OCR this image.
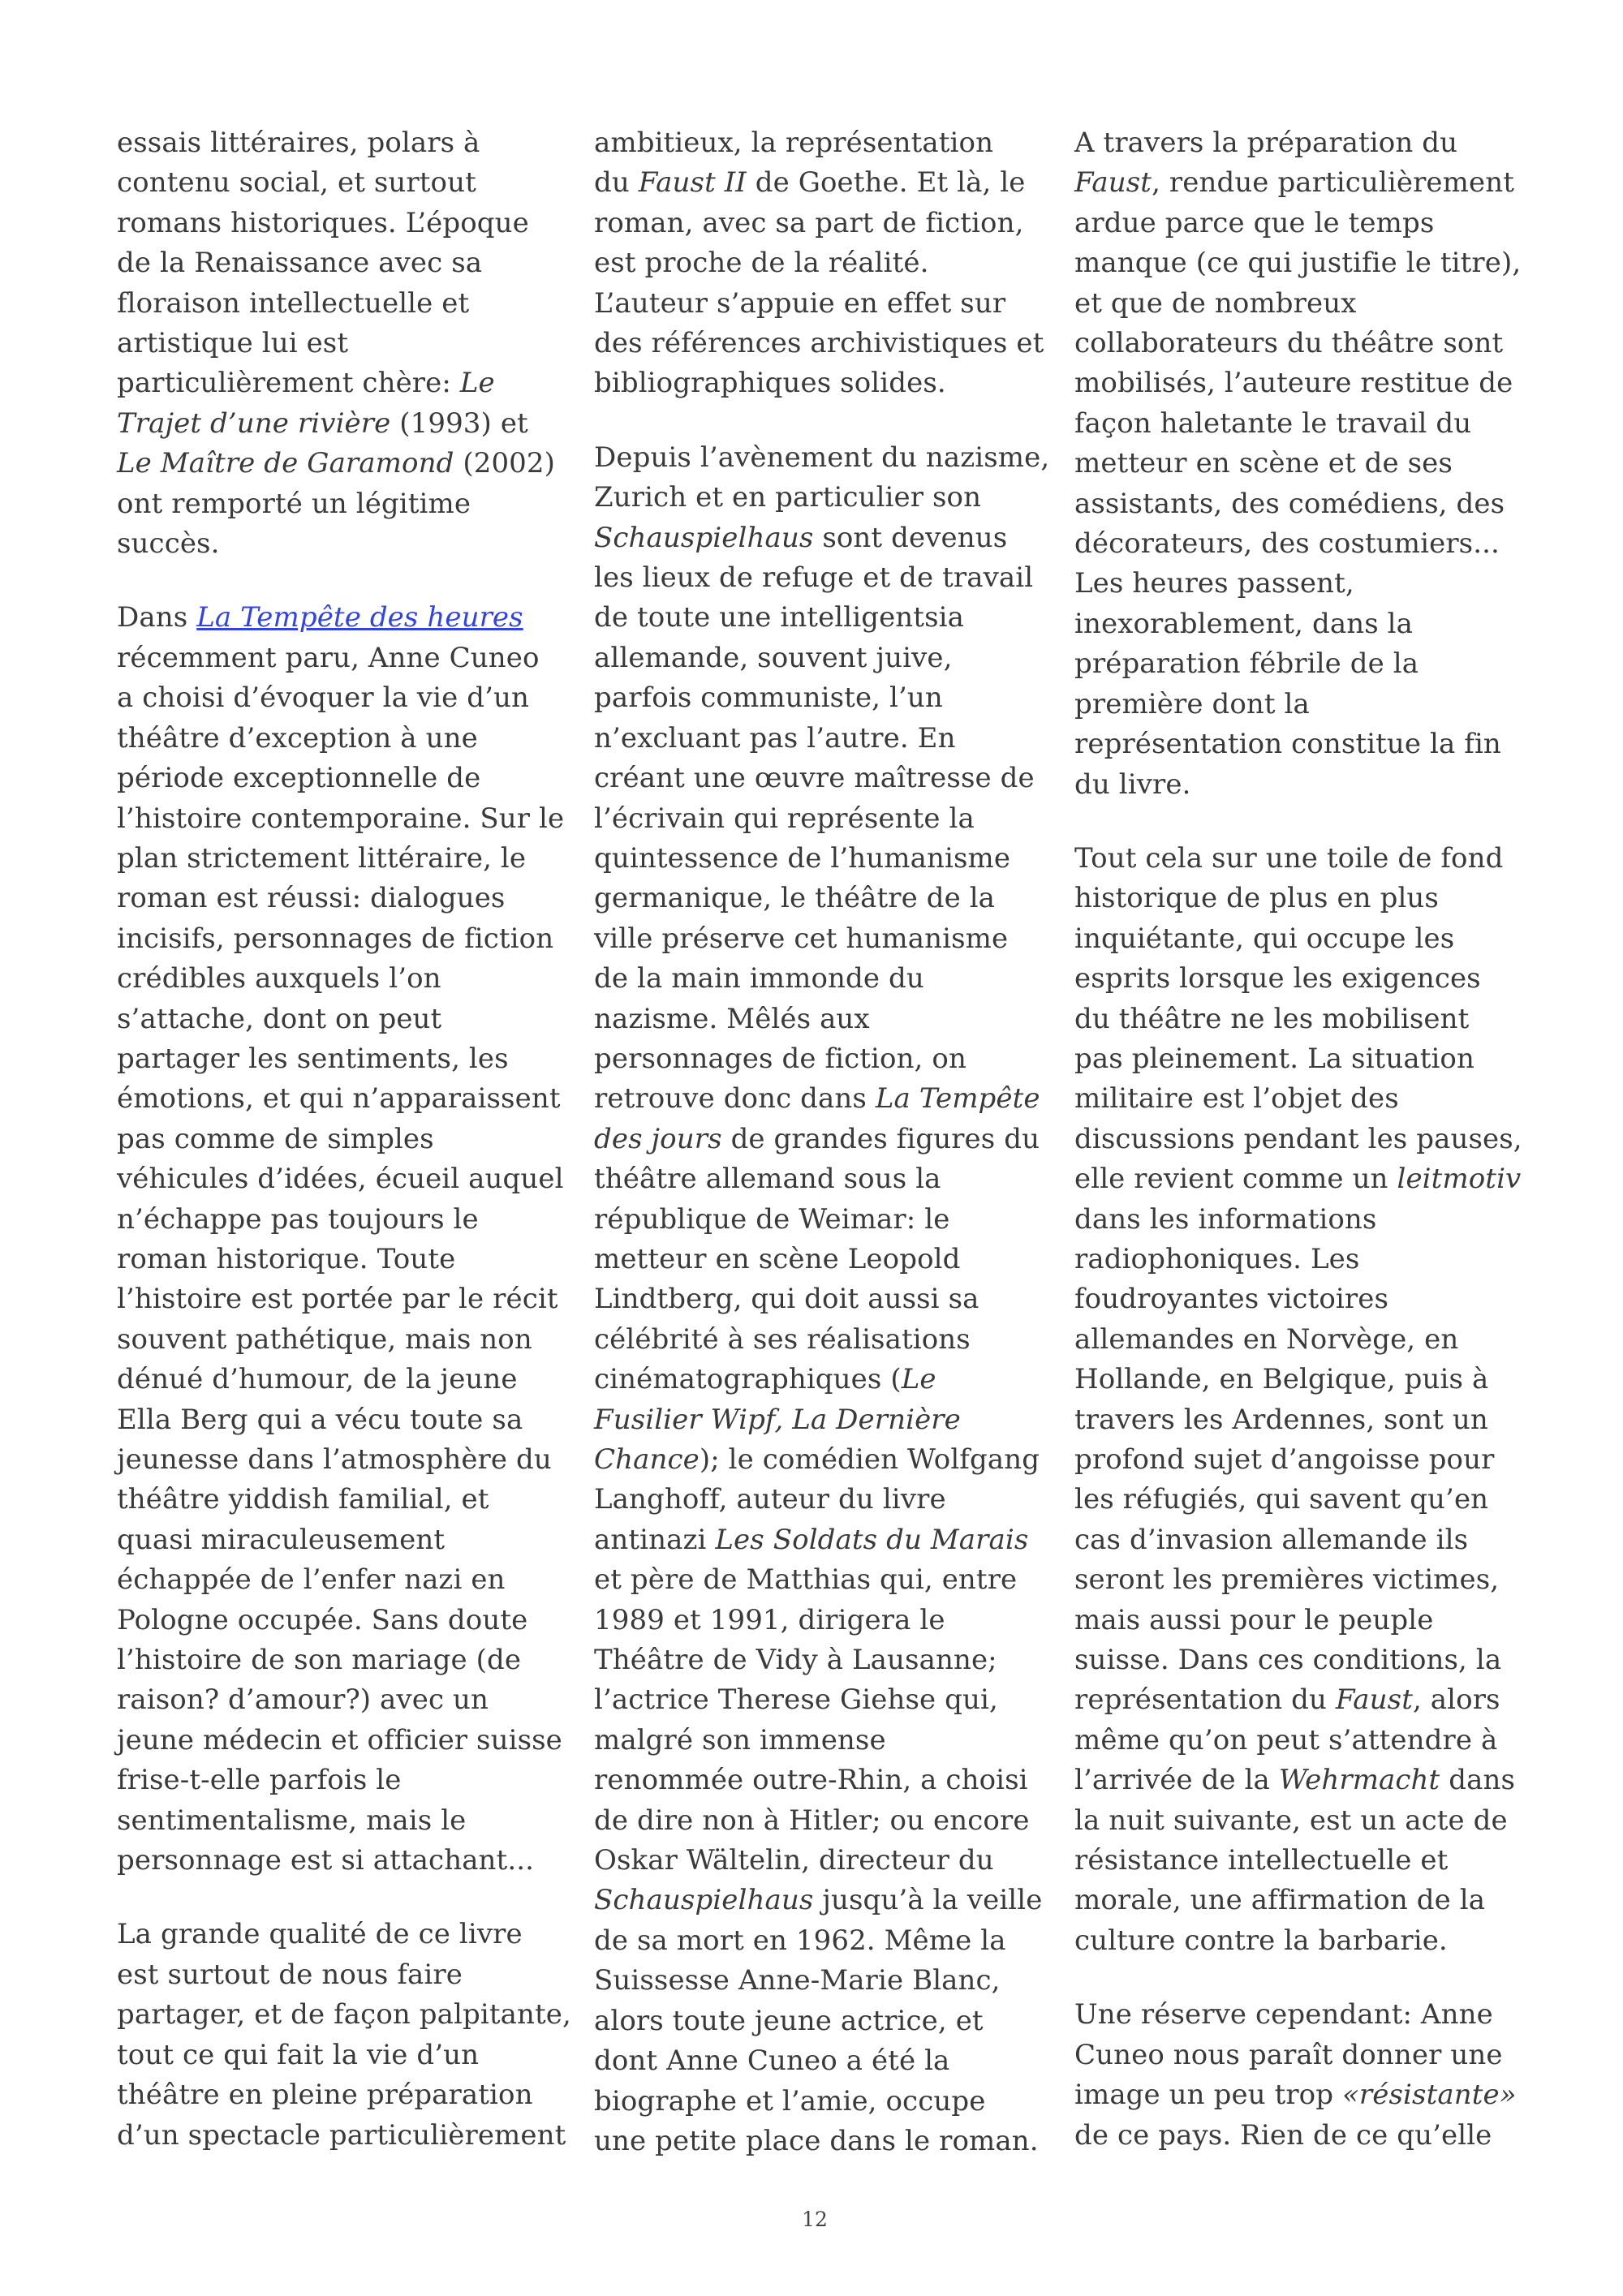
essais littéraires, polars à
contenu social, et surtout
romans historiques. L’époque
de la Renaissance avec sa
floraison intellectuelle et
artistique lui est
particulièrement chère: Le
Trajet d’une rivière (1993) et
Le Maître de Garamond (2002)
ont remporté un légitime
succès.

Dans La Tempête des heures
récemment paru, Anne Cuneo
a choisi d’évoquer la vie d’un
théâtre d’exception à une
période exceptionnelle de
l’histoire contemporaine. Sur le
plan strictement littéraire, le
roman est réussi: dialogues
incisifs, personnages de fiction
crédibles auxquels l’on
s’attache, dont on peut
partager les sentiments, les
émotions, et qui n’apparaissent
pas comme de simples
véhicules d’idées, écueil auquel
n’échappe pas toujours le
roman historique. Toute
l’histoire est portée par le récit
souvent pathétique, mais non
dénué d’humour, de la jeune
Ella Berg qui a vécu toute sa
jeunesse dans l’atmosphère du
théâtre yiddish familial, et
quasi miraculeusement
échappée de l’enfer nazi en
Pologne occupée. Sans doute
l’histoire de son mariage (de
raison? d’amour?) avec un
jeune médecin et officier suisse
frise-t-elle parfois le
sentimentalisme, mais le
personnage est si attachant...

La grande qualité de ce livre
est surtout de nous faire
partager, et de façon palpitante,
tout ce qui fait la vie d’un
théâtre en pleine préparation
d’un spectacle particulièrement

ambitieux, la représentation
du Faust II de Goethe. Et là, le
roman, avec sa part de fiction,
est proche de la réalité.
L’auteur s’appuie en effet sur
des références archivistiques et
bibliographiques solides.

Depuis l’avènement du nazisme,
Zurich et en particulier son
Schauspielhaus sont devenus
les lieux de refuge et de travail
de toute une intelligentsia
allemande, souvent juive,
parfois communiste, l’un
n’excluant pas l’autre. En
créant une œuvre maîtresse de
l’écrivain qui représente la
quintessence de l’humanisme
germanique, le théâtre de la
ville préserve cet humanisme
de la main immonde du
nazisme. Mêlés aux
personnages de fiction, on
retrouve donc dans La Tempête
des jours de grandes figures du
théâtre allemand sous la
république de Weimar: le
metteur en scène Leopold
Lindtberg, qui doit aussi sa
célébrité à ses réalisations
cinématographiques (Le
Fusilier Wipf, La Dernière
Chance); le comédien Wolfgang
Langhoff, auteur du livre
antinazi Les Soldats du Marais
et père de Matthias qui, entre
1989 et 1991, dirigera le
Théâtre de Vidy à Lausanne;
l’actrice Therese Giehse qui,
malgré son immense
renommée outre-Rhin, a choisi
de dire non à Hitler; ou encore
Oskar Wältelin, directeur du
Schauspielhaus jusqu’à la veille
de sa mort en 1962. Même la
Suissesse Anne-Marie Blanc,
alors toute jeune actrice, et
dont Anne Cuneo a été la
biographe et l’amie, occupe
une petite place dans le roman.

A travers la préparation du
Faust, rendue particulièrement
ardue parce que le temps
manque (ce qui justifie le titre),
et que de nombreux
collaborateurs du théâtre sont
mobilisés, l’auteure restitue de
façon haletante le travail du
metteur en scène et de ses
assistants, des comédiens, des
décorateurs, des costumiers...
Les heures passent,
inexorablement, dans la
préparation fébrile de la
première dont la
représentation constitue la fin
du livre.

Tout cela sur une toile de fond
historique de plus en plus
inquiétante, qui occupe les
esprits lorsque les exigences
du théâtre ne les mobilisent
pas pleinement. La situation
militaire est l’objet des
discussions pendant les pauses,
elle revient comme un leitmotiv
dans les informations
radiophoniques. Les
foudroyantes victoires
allemandes en Norvège, en
Hollande, en Belgique, puis à
travers les Ardennes, sont un
profond sujet d’angoisse pour
les réfugiés, qui savent qu’en
cas d’invasion allemande ils
seront les premières victimes,
mais aussi pour le peuple
suisse. Dans ces conditions, la
représentation du Faust, alors
même qu’on peut s’attendre à
l’arrivée de la Wehrmacht dans
la nuit suivante, est un acte de
résistance intellectuelle et
morale, une affirmation de la
culture contre la barbarie.

Une réserve cependant: Anne
Cuneo nous paraît donner une
image un peu trop «résistante»
de ce pays. Rien de ce qu’elle

12
